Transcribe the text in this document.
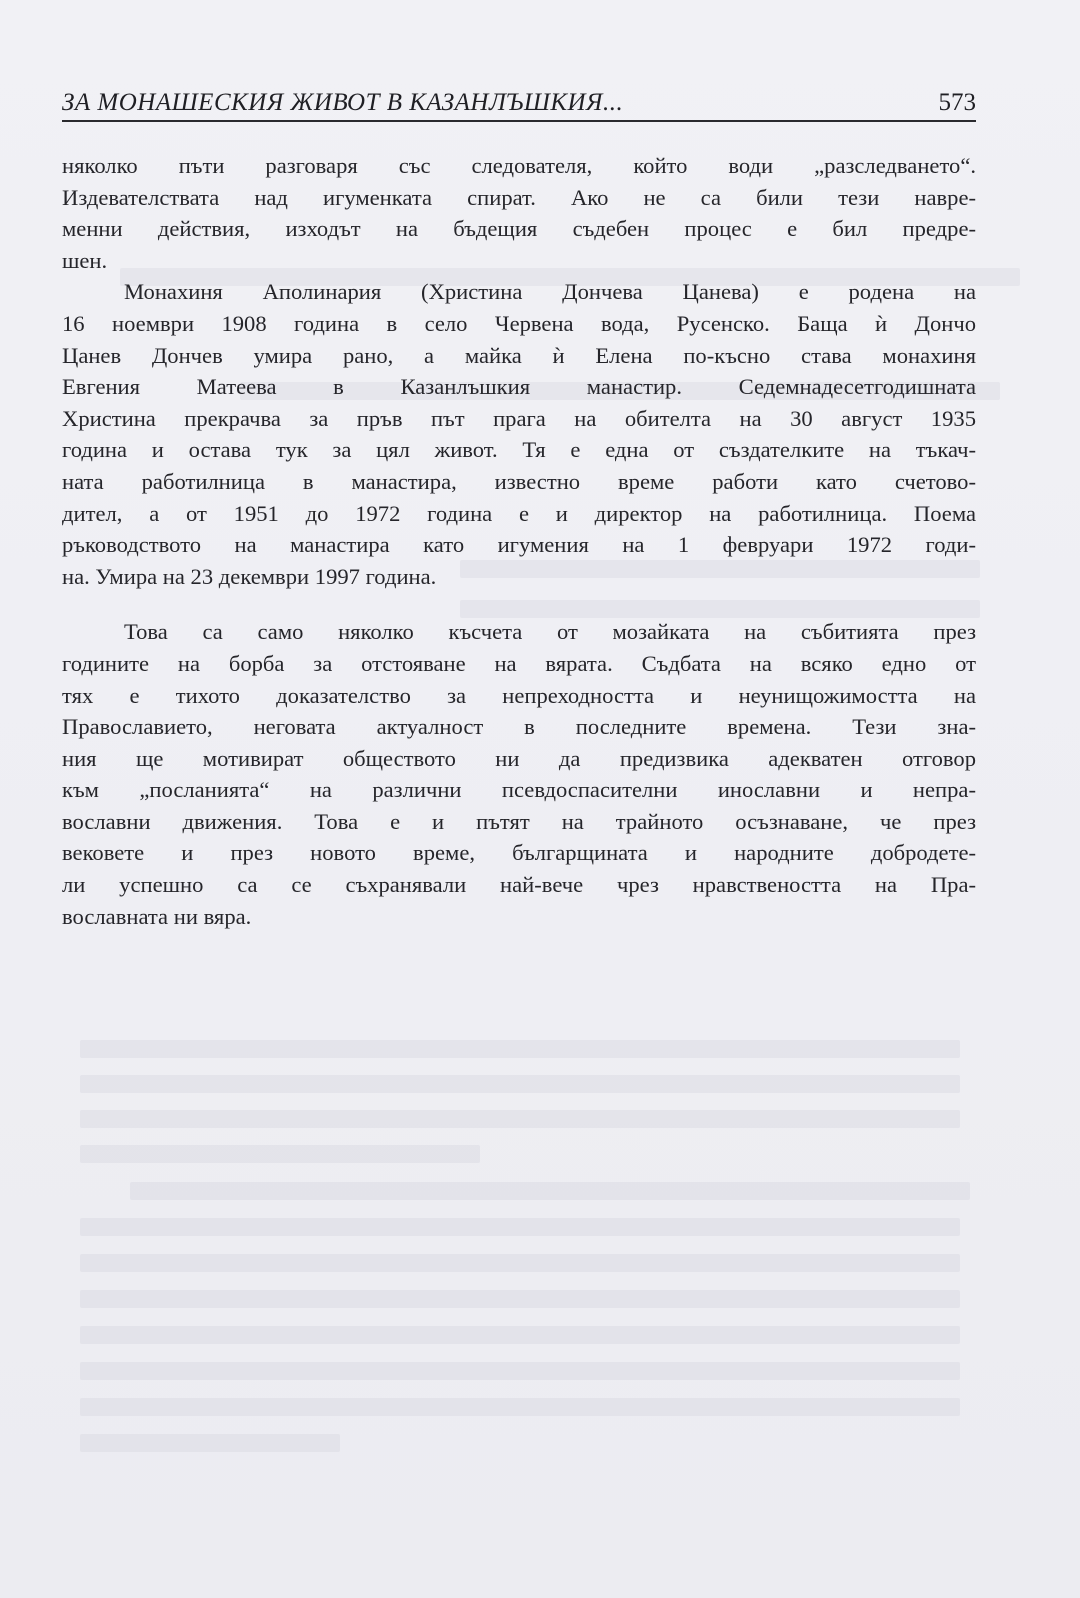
ЗА МОНАШЕСКИЯ ЖИВОТ В КАЗАНЛЪШКИЯ...	573
няколко пъти разговаря със следователя, който води „разследването“.
Издевателствата над игуменката спират. Ако не са били тези навре-
менни действия, изходът на бъдещия съдебен процес е бил предре-
шен.
Монахиня Аполинария (Христина Дончева Цанева) е родена на
16 ноември 1908 година в село Червена вода, Русенско. Баща ѝ Дончо
Цанев Дончев умира рано, а майка ѝ Елена по-късно става монахиня
Евгения Матеева в Казанлъшкия манастир. Седемнадесетгодишната
Христина прекрачва за пръв път прага на обителта на 30 август 1935
година и остава тук за цял живот. Тя е една от създателките на тъкач-
ната работилница в манастира, известно време работи като счетово-
дител, а от 1951 до 1972 година е и директор на работилница. Поема
ръководството на манастира като игумения на 1 февруари 1972 годи-
на. Умира на 23 декември 1997 година.
Това са само няколко късчета от мозайката на събитията през
годините на борба за отстояване на вярата. Съдбата на всяко едно от
тях е тихото доказателство за непреходността и неунищожимостта на
Православието, неговата актуалност в последните времена. Тези зна-
ния ще мотивират обществото ни да предизвика адекватен отговор
към „посланията“ на различни псевдоспасителни инославни и непра-
вославни движения. Това е и пътят на трайното осъзнаване, че през
вековете и през новото време, българщината и народните добродете-
ли успешно са се съхранявали най-вече чрез нравствеността на Пра-
вославната ни вяра.
